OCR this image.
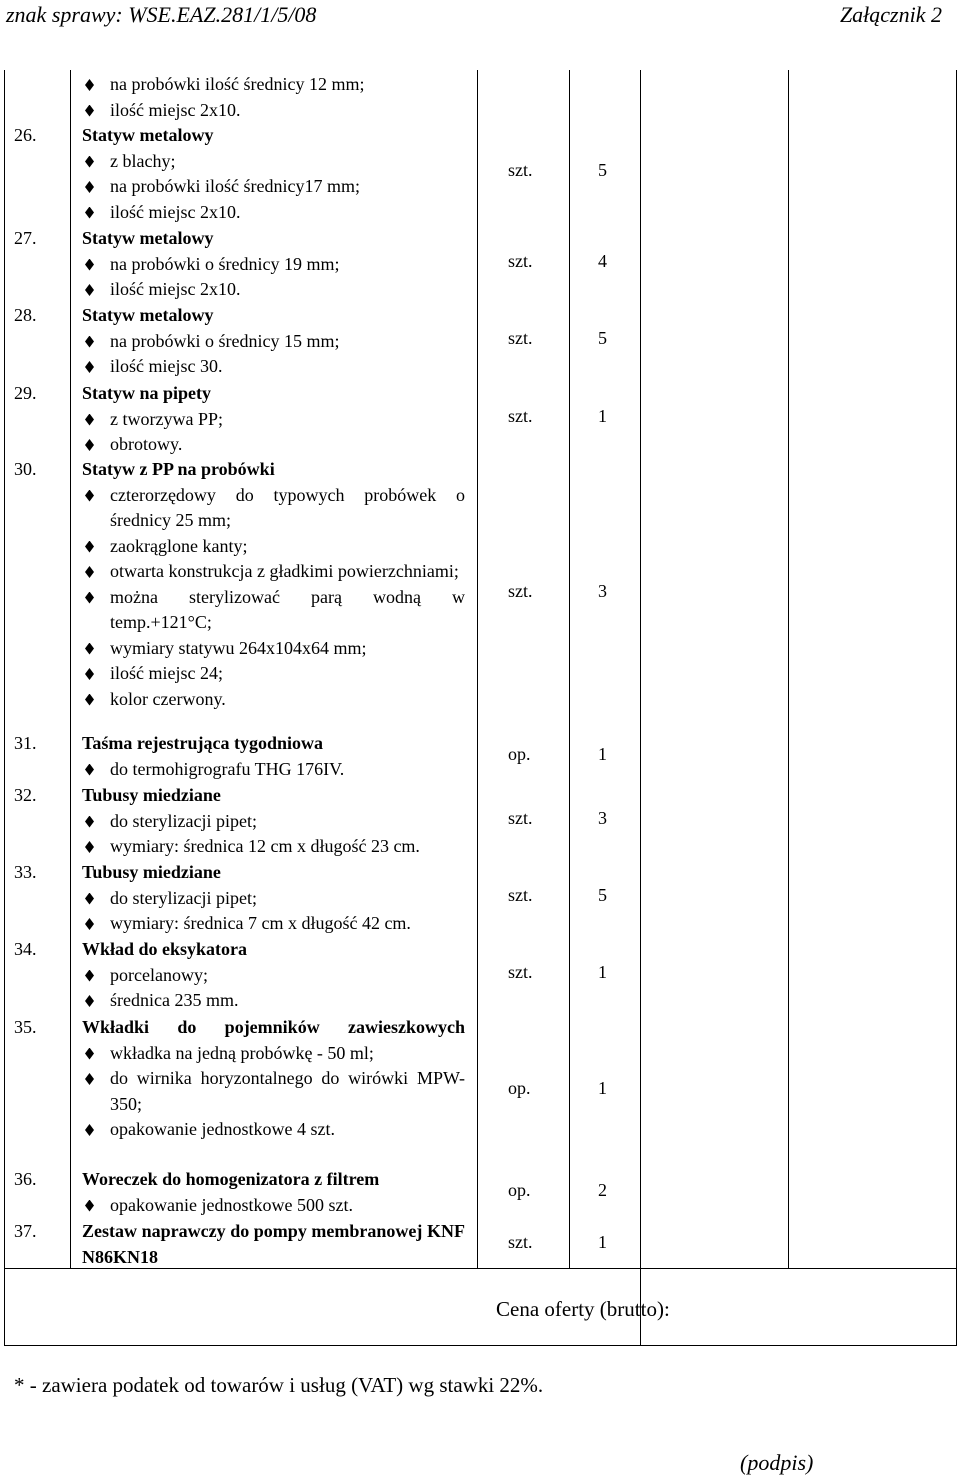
znak sprawy: WSE.EAZ.281/1/5/08	Załącznik 2
na probówki ilość średnicy 12 mm;
ilość miejsc 2x10.
26.	Statyw metalowy
z blachy;
na probówki ilość średnicy17 mm;
ilość miejsc 2x10.
szt.	5
27.	Statyw metalowy
na probówki o średnicy 19 mm;
ilość miejsc 2x10.
szt.	4
28.	Statyw metalowy
na probówki o średnicy 15 mm;
ilość miejsc 30.
szt.	5
29.	Statyw na pipety
z tworzywa PP;
obrotowy.
szt.	1
30.	Statyw z PP na probówki
czterorzędowy do typowych probówek o średnicy 25 mm;
zaokrąglone kanty;
otwarta konstrukcja z gładkimi powierzchniami;
można sterylizować parą wodną w temp.+121°C;
wymiary statywu 264x104x64 mm;
ilość miejsc 24;
kolor czerwony.
szt.	3
31.	Taśma rejestrująca tygodniowa
do termohigrografu THG 176IV.
op.	1
32.	Tubusy miedziane
do sterylizacji pipet;
wymiary: średnica 12 cm x długość 23 cm.
szt.	3
33.	Tubusy miedziane
do sterylizacji pipet;
wymiary: średnica 7 cm x długość 42 cm.
szt.	5
34.	Wkład do eksykatora
porcelanowy;
średnica 235 mm.
szt.	1
35.	Wkładki do pojemników zawieszkowych
wkładka na jedną probówkę - 50 ml;
do wirnika horyzontalnego do wirówki MPW-350;
opakowanie jednostkowe 4 szt.
op.	1
36.	Woreczek do homogenizatora z filtrem
opakowanie jednostkowe 500 szt.
op.	2
37.	Zestaw naprawczy do pompy membranowej KNF N86KN18
szt.	1
Cena oferty (brutto):
* - zawiera podatek od towarów i usług (VAT) wg stawki 22%.
(podpis)
